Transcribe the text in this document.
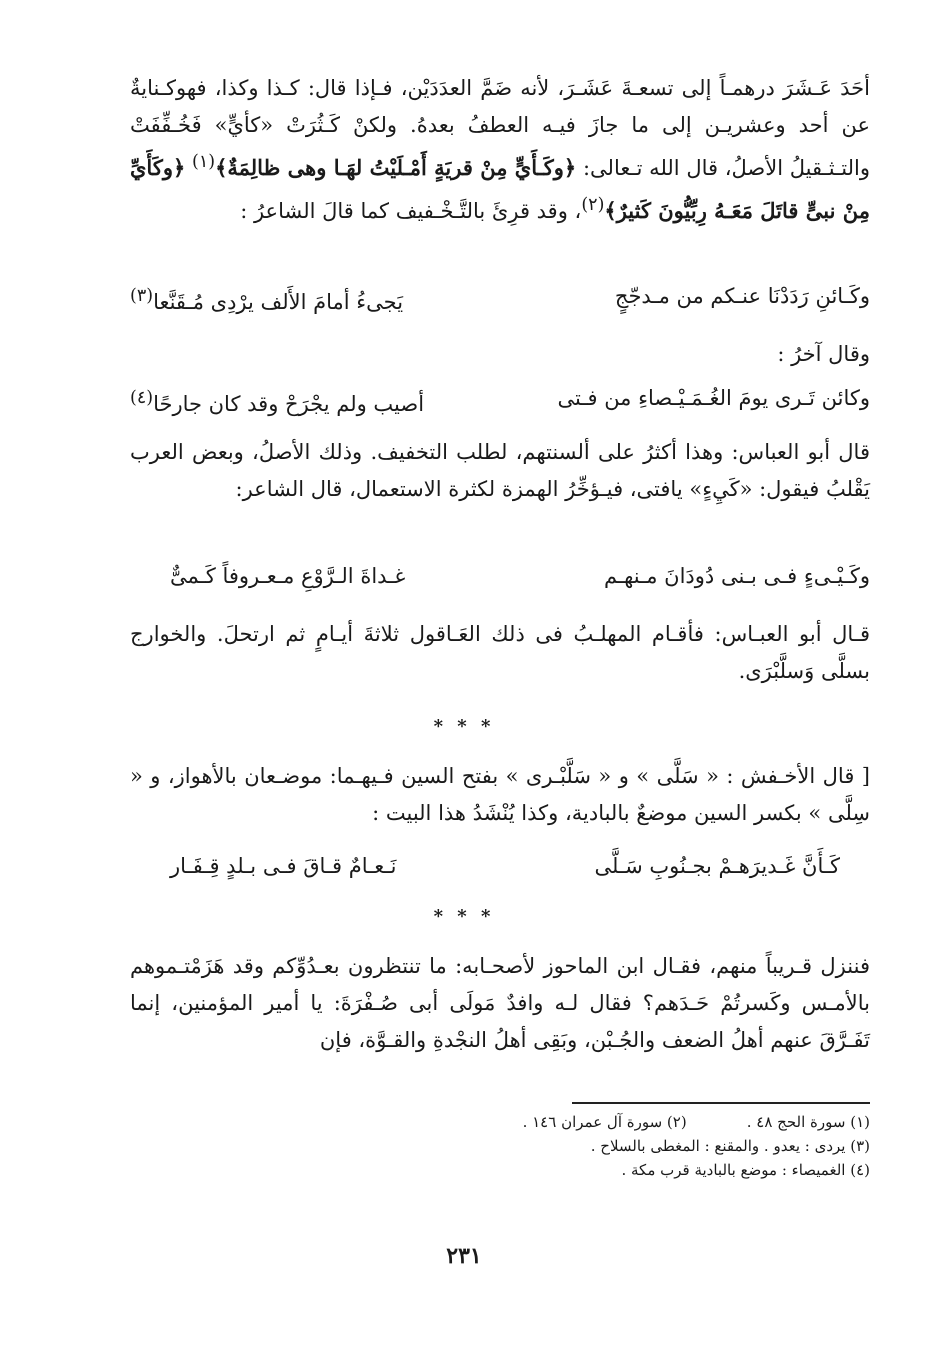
أحَدَ عَـشَرَ درهمـاً إلى تسعـةَ عَشَـرَ، لأنه ضَمَّ العدَدَيْن، فـإذا قال: كـذا وكذا، فهوكـنايةٌ عن أحد وعشريـن إلى ما جازَ فيـه العطفُ بعدهُ. ولكنْ كَـثُرَتْ «كأيٍّ» فَخُـفِّفَتْ والتـثـقيلُ الأصلُ، قال الله تـعالى: ﴿وكَـأَيٍّ مِنْ قريَةٍ أَمْـلَيْتُ لهَـا وهى ظالِمَةٌ﴾$^{(١)}$ ﴿وكَأَيِّ مِنْ نبىٍّ قاتَلَ مَعَـهُ رِبِّيُّونَ كَثيرٌ﴾$^{(٢)}$، وقد قرِئَ بالتَّـخْـفيف كما قالَ الشاعرُ :

وكَـائنِ رَدَدْنَا عنـكم من مـدجّجٍ
يَجىءُ أمامَ الأَلف يرْدِى مُـقَنَّعا$^{(٣)}$

وقال آخرُ :

وكائن تَـرى يومَ الغُـمَـيْـصاءِ من فـتى
أصيب ولم يجْرَحْ وقد كان جارحًا$^{(٤)}$

قال أبو العباس: وهذا أكثرُ على ألسنتهم، لطلب التخفيف. وذلك الأصلُ، وبعض العرب يَقْلبُ فيقول: «كَيِءٍ» يافتى، فيـؤخِّرُ الهمزة لكثرة الاستعمال، قال الشاعر:

وكَـيْـىءٍ فـى بـنى دُودَانَ مـنهـم
غـداةَ الـرَّوْعِ مـعـروفاً كَـمىٌّ

قـال أبو العبـاس: فأقـام المهلـبُ فى ذلك العَـاقول ثلاثةَ أيـامٍ ثم ارتحلَ. والخوارج بسلَّى وَسلَّبْرَى.

* * *

[ قال الأخـفش : « سَلَّى » و « سَلَّبْـرى » بفتح السين فـيهـما: موضـعان بالأهواز، و « سِلَّى » بكسر السين موضعٌ بالبادية، وكذا يُنْشَدُ هذا البيت :

كَـأَنَّ غَـديرَهـمْ بجـنُوبِ سَـلَّى
نَـعـامٌ قـاقَ فـى بـلدٍ قِـفَـار
* * *

فننزل قـريباً منهم، فقـال ابن الماحوز لأصحـابه: ما تنتظرون بعـدُوِّكم وقد هَزَمْتـموهم بالأمـس وكَسرتُمْ حَـدَهم؟ فقال لـه وافدٌ مَولَى أبى صُـفْرَةَ: يا أمير المؤمنين، إنما تَفَـرَّقَ عنهم أهلُ الضعف والجُـبْن، وبَقِى أهلُ النجْدةِ والقـوَّة، فإن

(١) سورة الحج ٤٨ .
(٢) سورة آل عمران ١٤٦ .
(٣) يردى : يعدو . والمقنع : المغطى بالسلاح .
(٤) الغميصاء : موضع بالبادية قرب مكة .
٢٣١
